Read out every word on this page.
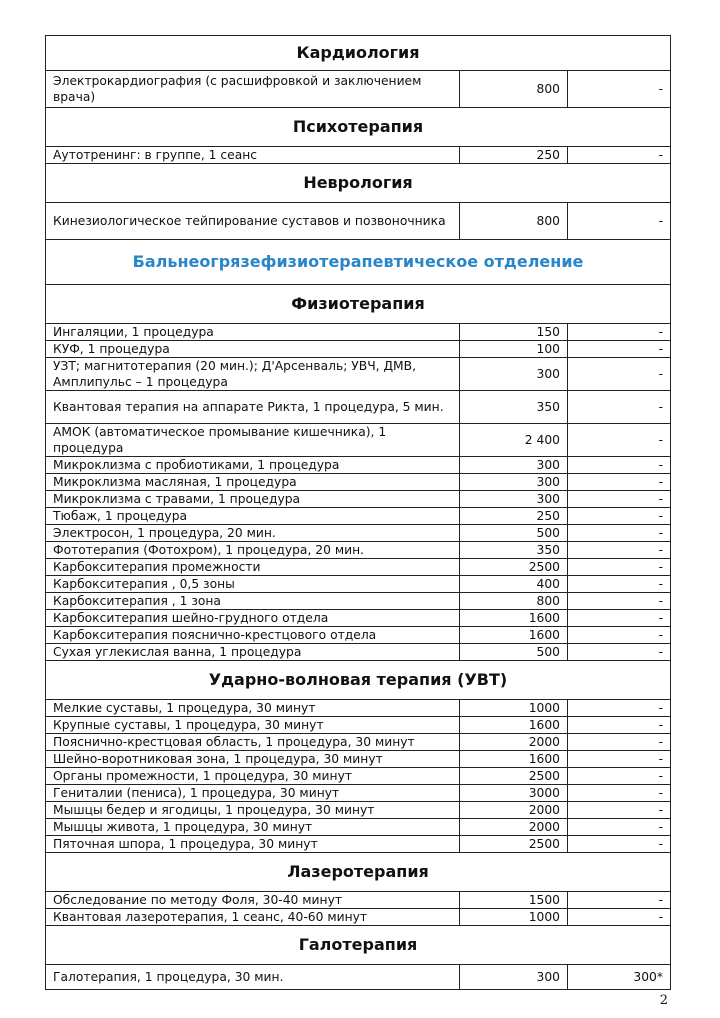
Кардиология		
Электрокардиография (с расшифровкой и заключением врача)	800	-
Психотерапия		
Аутотренинг: в группе, 1 сеанс	250	-
Неврология		
Кинезиологическое тейпирование суставов и позвоночника	800	-
Бальнеогрязефизиотерапевтическое отделение		
Физиотерапия		
Ингаляции, 1 процедура	150	-
КУФ, 1 процедура	100	-
УЗТ; магнитотерапия (20 мин.); Д'Арсенваль; УВЧ, ДМВ, Амплипульс – 1 процедура	300	-
Квантовая терапия на аппарате Рикта, 1 процедура, 5 мин.	350	-
АМОК (автоматическое промывание кишечника), 1 процедура	2 400	-
Микроклизма с пробиотиками, 1 процедура	300	-
Микроклизма масляная, 1 процедура	300	-
Микроклизма с травами, 1 процедура	300	-
Тюбаж, 1 процедура	250	-
Электросон, 1 процедура, 20 мин.	500	-
Фототерапия (Фотохром), 1 процедура, 20 мин.	350	-
Карбокситерапия промежности	2500	-
Карбокситерапия , 0,5 зоны	400	-
Карбокситерапия , 1 зона	800	-
Карбокситерапия шейно-грудного отдела	1600	-
Карбокситерапия пояснично-крестцового отдела	1600	-
Сухая углекислая ванна, 1 процедура	500	-
Ударно-волновая терапия (УВТ)		
Мелкие суставы, 1 процедура, 30 минут	1000	-
Крупные суставы, 1 процедура, 30 минут	1600	-
Пояснично-крестцовая область, 1 процедура, 30 минут	2000	-
Шейно-воротниковая зона, 1 процедура, 30 минут	1600	-
Органы промежности, 1 процедура, 30 минут	2500	-
Гениталии (пениса), 1 процедура, 30 минут	3000	-
Мышцы бедер и ягодицы, 1 процедура, 30 минут	2000	-
Мышцы живота, 1 процедура, 30 минут	2000	-
Пяточная шпора, 1 процедура, 30 минут	2500	-
Лазеротерапия		
Обследование по методу Фоля, 30-40 минут	1500	-
Квантовая лазеротерапия, 1 сеанс, 40-60 минут	1000	-
Галотерапия		
Галотерапия, 1 процедура, 30 мин.	300	300*
2
